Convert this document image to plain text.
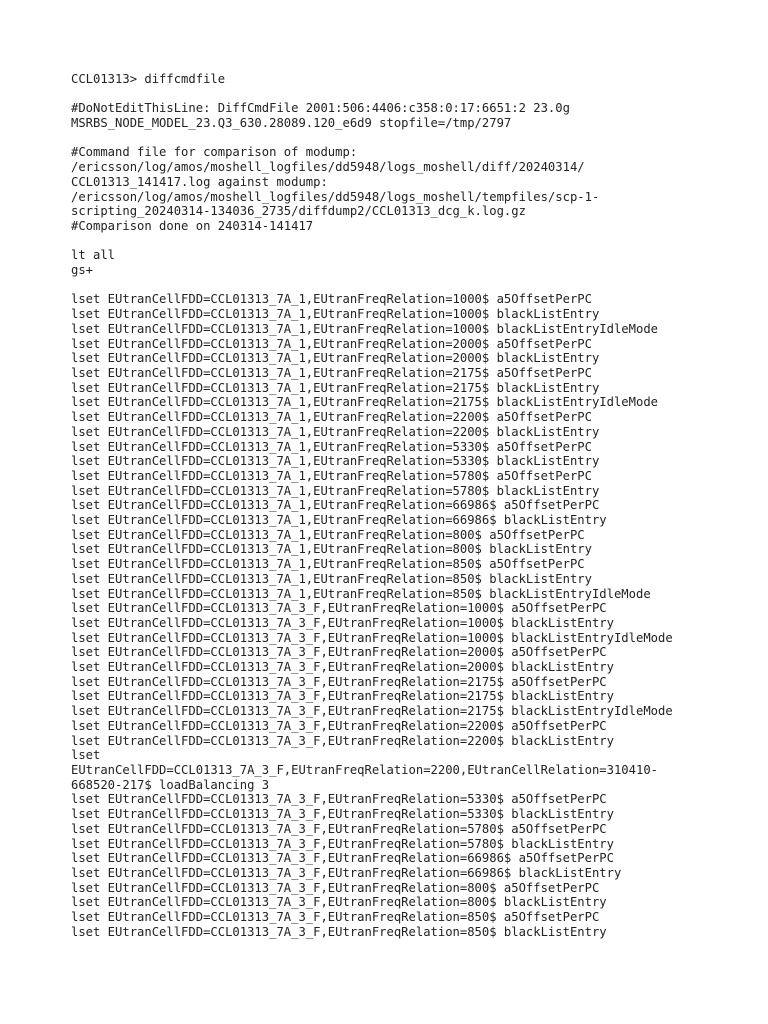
CCL01313> diffcmdfile
#DoNotEditThisLine: DiffCmdFile 2001:506:4406:c358:0:17:6651:2 23.0g
MSRBS_NODE_MODEL_23.Q3_630.28089.120_e6d9 stopfile=/tmp/2797
#Command file for comparison of modump:
/ericsson/log/amos/moshell_logfiles/dd5948/logs_moshell/diff/20240314/
CCL01313_141417.log against modump:
/ericsson/log/amos/moshell_logfiles/dd5948/logs_moshell/tempfiles/scp-1-
scripting_20240314-134036_2735/diffdump2/CCL01313_dcg_k.log.gz
#Comparison done on 240314-141417
lt all
gs+
lset EUtranCellFDD=CCL01313_7A_1,EUtranFreqRelation=1000$ a5OffsetPerPC
lset EUtranCellFDD=CCL01313_7A_1,EUtranFreqRelation=1000$ blackListEntry
lset EUtranCellFDD=CCL01313_7A_1,EUtranFreqRelation=1000$ blackListEntryIdleMode
lset EUtranCellFDD=CCL01313_7A_1,EUtranFreqRelation=2000$ a5OffsetPerPC
lset EUtranCellFDD=CCL01313_7A_1,EUtranFreqRelation=2000$ blackListEntry
lset EUtranCellFDD=CCL01313_7A_1,EUtranFreqRelation=2175$ a5OffsetPerPC
lset EUtranCellFDD=CCL01313_7A_1,EUtranFreqRelation=2175$ blackListEntry
lset EUtranCellFDD=CCL01313_7A_1,EUtranFreqRelation=2175$ blackListEntryIdleMode
lset EUtranCellFDD=CCL01313_7A_1,EUtranFreqRelation=2200$ a5OffsetPerPC
lset EUtranCellFDD=CCL01313_7A_1,EUtranFreqRelation=2200$ blackListEntry
lset EUtranCellFDD=CCL01313_7A_1,EUtranFreqRelation=5330$ a5OffsetPerPC
lset EUtranCellFDD=CCL01313_7A_1,EUtranFreqRelation=5330$ blackListEntry
lset EUtranCellFDD=CCL01313_7A_1,EUtranFreqRelation=5780$ a5OffsetPerPC
lset EUtranCellFDD=CCL01313_7A_1,EUtranFreqRelation=5780$ blackListEntry
lset EUtranCellFDD=CCL01313_7A_1,EUtranFreqRelation=66986$ a5OffsetPerPC
lset EUtranCellFDD=CCL01313_7A_1,EUtranFreqRelation=66986$ blackListEntry
lset EUtranCellFDD=CCL01313_7A_1,EUtranFreqRelation=800$ a5OffsetPerPC
lset EUtranCellFDD=CCL01313_7A_1,EUtranFreqRelation=800$ blackListEntry
lset EUtranCellFDD=CCL01313_7A_1,EUtranFreqRelation=850$ a5OffsetPerPC
lset EUtranCellFDD=CCL01313_7A_1,EUtranFreqRelation=850$ blackListEntry
lset EUtranCellFDD=CCL01313_7A_1,EUtranFreqRelation=850$ blackListEntryIdleMode
lset EUtranCellFDD=CCL01313_7A_3_F,EUtranFreqRelation=1000$ a5OffsetPerPC
lset EUtranCellFDD=CCL01313_7A_3_F,EUtranFreqRelation=1000$ blackListEntry
lset EUtranCellFDD=CCL01313_7A_3_F,EUtranFreqRelation=1000$ blackListEntryIdleMode
lset EUtranCellFDD=CCL01313_7A_3_F,EUtranFreqRelation=2000$ a5OffsetPerPC
lset EUtranCellFDD=CCL01313_7A_3_F,EUtranFreqRelation=2000$ blackListEntry
lset EUtranCellFDD=CCL01313_7A_3_F,EUtranFreqRelation=2175$ a5OffsetPerPC
lset EUtranCellFDD=CCL01313_7A_3_F,EUtranFreqRelation=2175$ blackListEntry
lset EUtranCellFDD=CCL01313_7A_3_F,EUtranFreqRelation=2175$ blackListEntryIdleMode
lset EUtranCellFDD=CCL01313_7A_3_F,EUtranFreqRelation=2200$ a5OffsetPerPC
lset EUtranCellFDD=CCL01313_7A_3_F,EUtranFreqRelation=2200$ blackListEntry
lset
EUtranCellFDD=CCL01313_7A_3_F,EUtranFreqRelation=2200,EUtranCellRelation=310410-
668520-217$ loadBalancing 3
lset EUtranCellFDD=CCL01313_7A_3_F,EUtranFreqRelation=5330$ a5OffsetPerPC
lset EUtranCellFDD=CCL01313_7A_3_F,EUtranFreqRelation=5330$ blackListEntry
lset EUtranCellFDD=CCL01313_7A_3_F,EUtranFreqRelation=5780$ a5OffsetPerPC
lset EUtranCellFDD=CCL01313_7A_3_F,EUtranFreqRelation=5780$ blackListEntry
lset EUtranCellFDD=CCL01313_7A_3_F,EUtranFreqRelation=66986$ a5OffsetPerPC
lset EUtranCellFDD=CCL01313_7A_3_F,EUtranFreqRelation=66986$ blackListEntry
lset EUtranCellFDD=CCL01313_7A_3_F,EUtranFreqRelation=800$ a5OffsetPerPC
lset EUtranCellFDD=CCL01313_7A_3_F,EUtranFreqRelation=800$ blackListEntry
lset EUtranCellFDD=CCL01313_7A_3_F,EUtranFreqRelation=850$ a5OffsetPerPC
lset EUtranCellFDD=CCL01313_7A_3_F,EUtranFreqRelation=850$ blackListEntry
